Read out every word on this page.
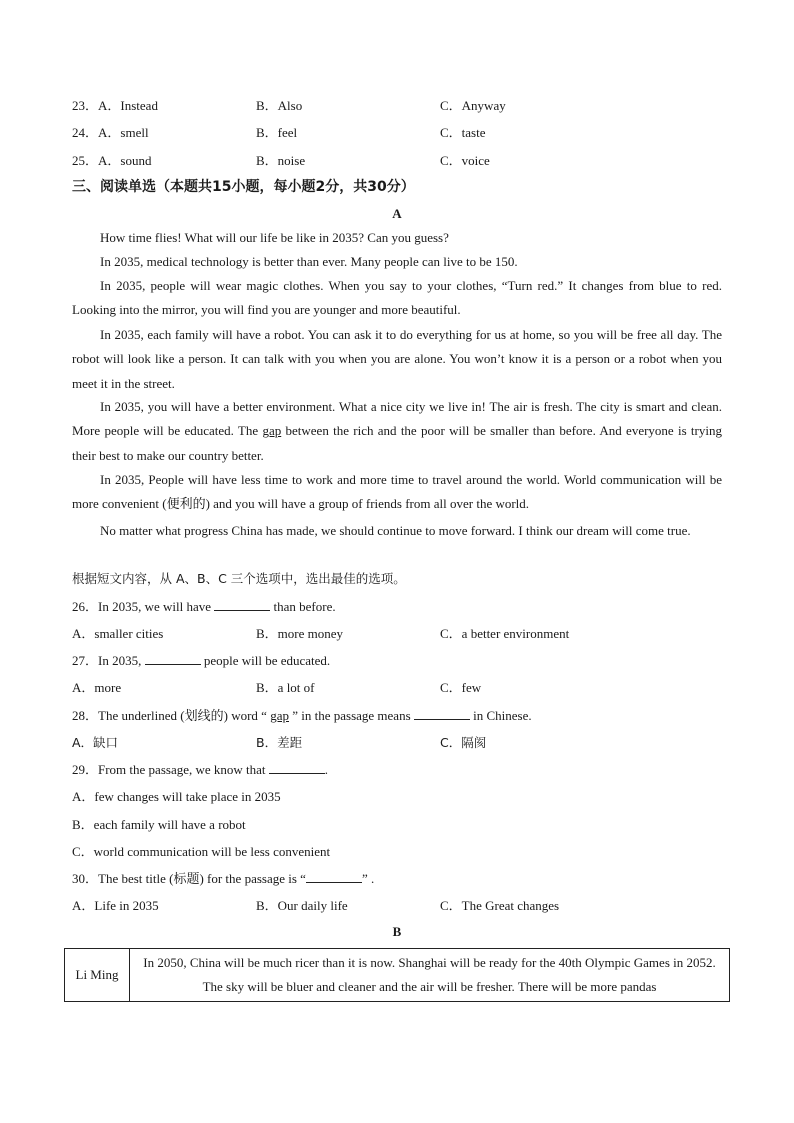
23．A．Instead	B．Also	C．Anyway
24．A．smell	B．feel	C．taste
25．A．sound	B．noise	C．voice
三、阅读单选（本题共15小题，每小题2分，共30分）
A
How time flies! What will our life be like in 2035? Can you guess?
In 2035, medical technology is better than ever. Many people can live to be 150.
In 2035, people will wear magic clothes. When you say to your clothes, “Turn red.” It changes from blue to red. Looking into the mirror, you will find you are younger and more beautiful.
In 2035, each family will have a robot. You can ask it to do everything for us at home, so you will be free all day. The robot will look like a person. It can talk with you when you are alone. You won’t know it is a person or a robot when you meet it in the street.
In 2035, you will have a better environment. What a nice city we live in! The air is fresh. The city is smart and clean. More people will be educated. The gap between the rich and the poor will be smaller than before. And everyone is trying their best to make our country better.
In 2035, People will have less time to work and more time to travel around the world. World communication will be more convenient (便利的) and you will have a group of friends from all over the world.
No matter what progress China has made, we should continue to move forward. I think our dream will come true.
根据短文内容，从 A、B、C 三个选项中，选出最佳的选项。
26．In 2035, we will have	than before.
A．smaller cities	B．more money	C．a better environment
27．In 2035,	people will be educated.
A．more	B．a lot of	C．few
28．The underlined (划线的) word “ gap ” in the passage means	in Chinese.
A．缺口	B．差距	C．隔阂
29．From the passage, we know that	.
A．few changes will take place in 2035
B．each family will have a robot
C．world communication will be less convenient
30．The best title (标题) for the passage is “	” .
A．Life in 2035	B．Our daily life	C．The Great changes
B
Li Ming	In 2050, China will be much ricer than it is now. Shanghai will be ready for the 40th Olympic Games in 2052. The sky will be bluer and cleaner and the air will be fresher. There will be more pandas
